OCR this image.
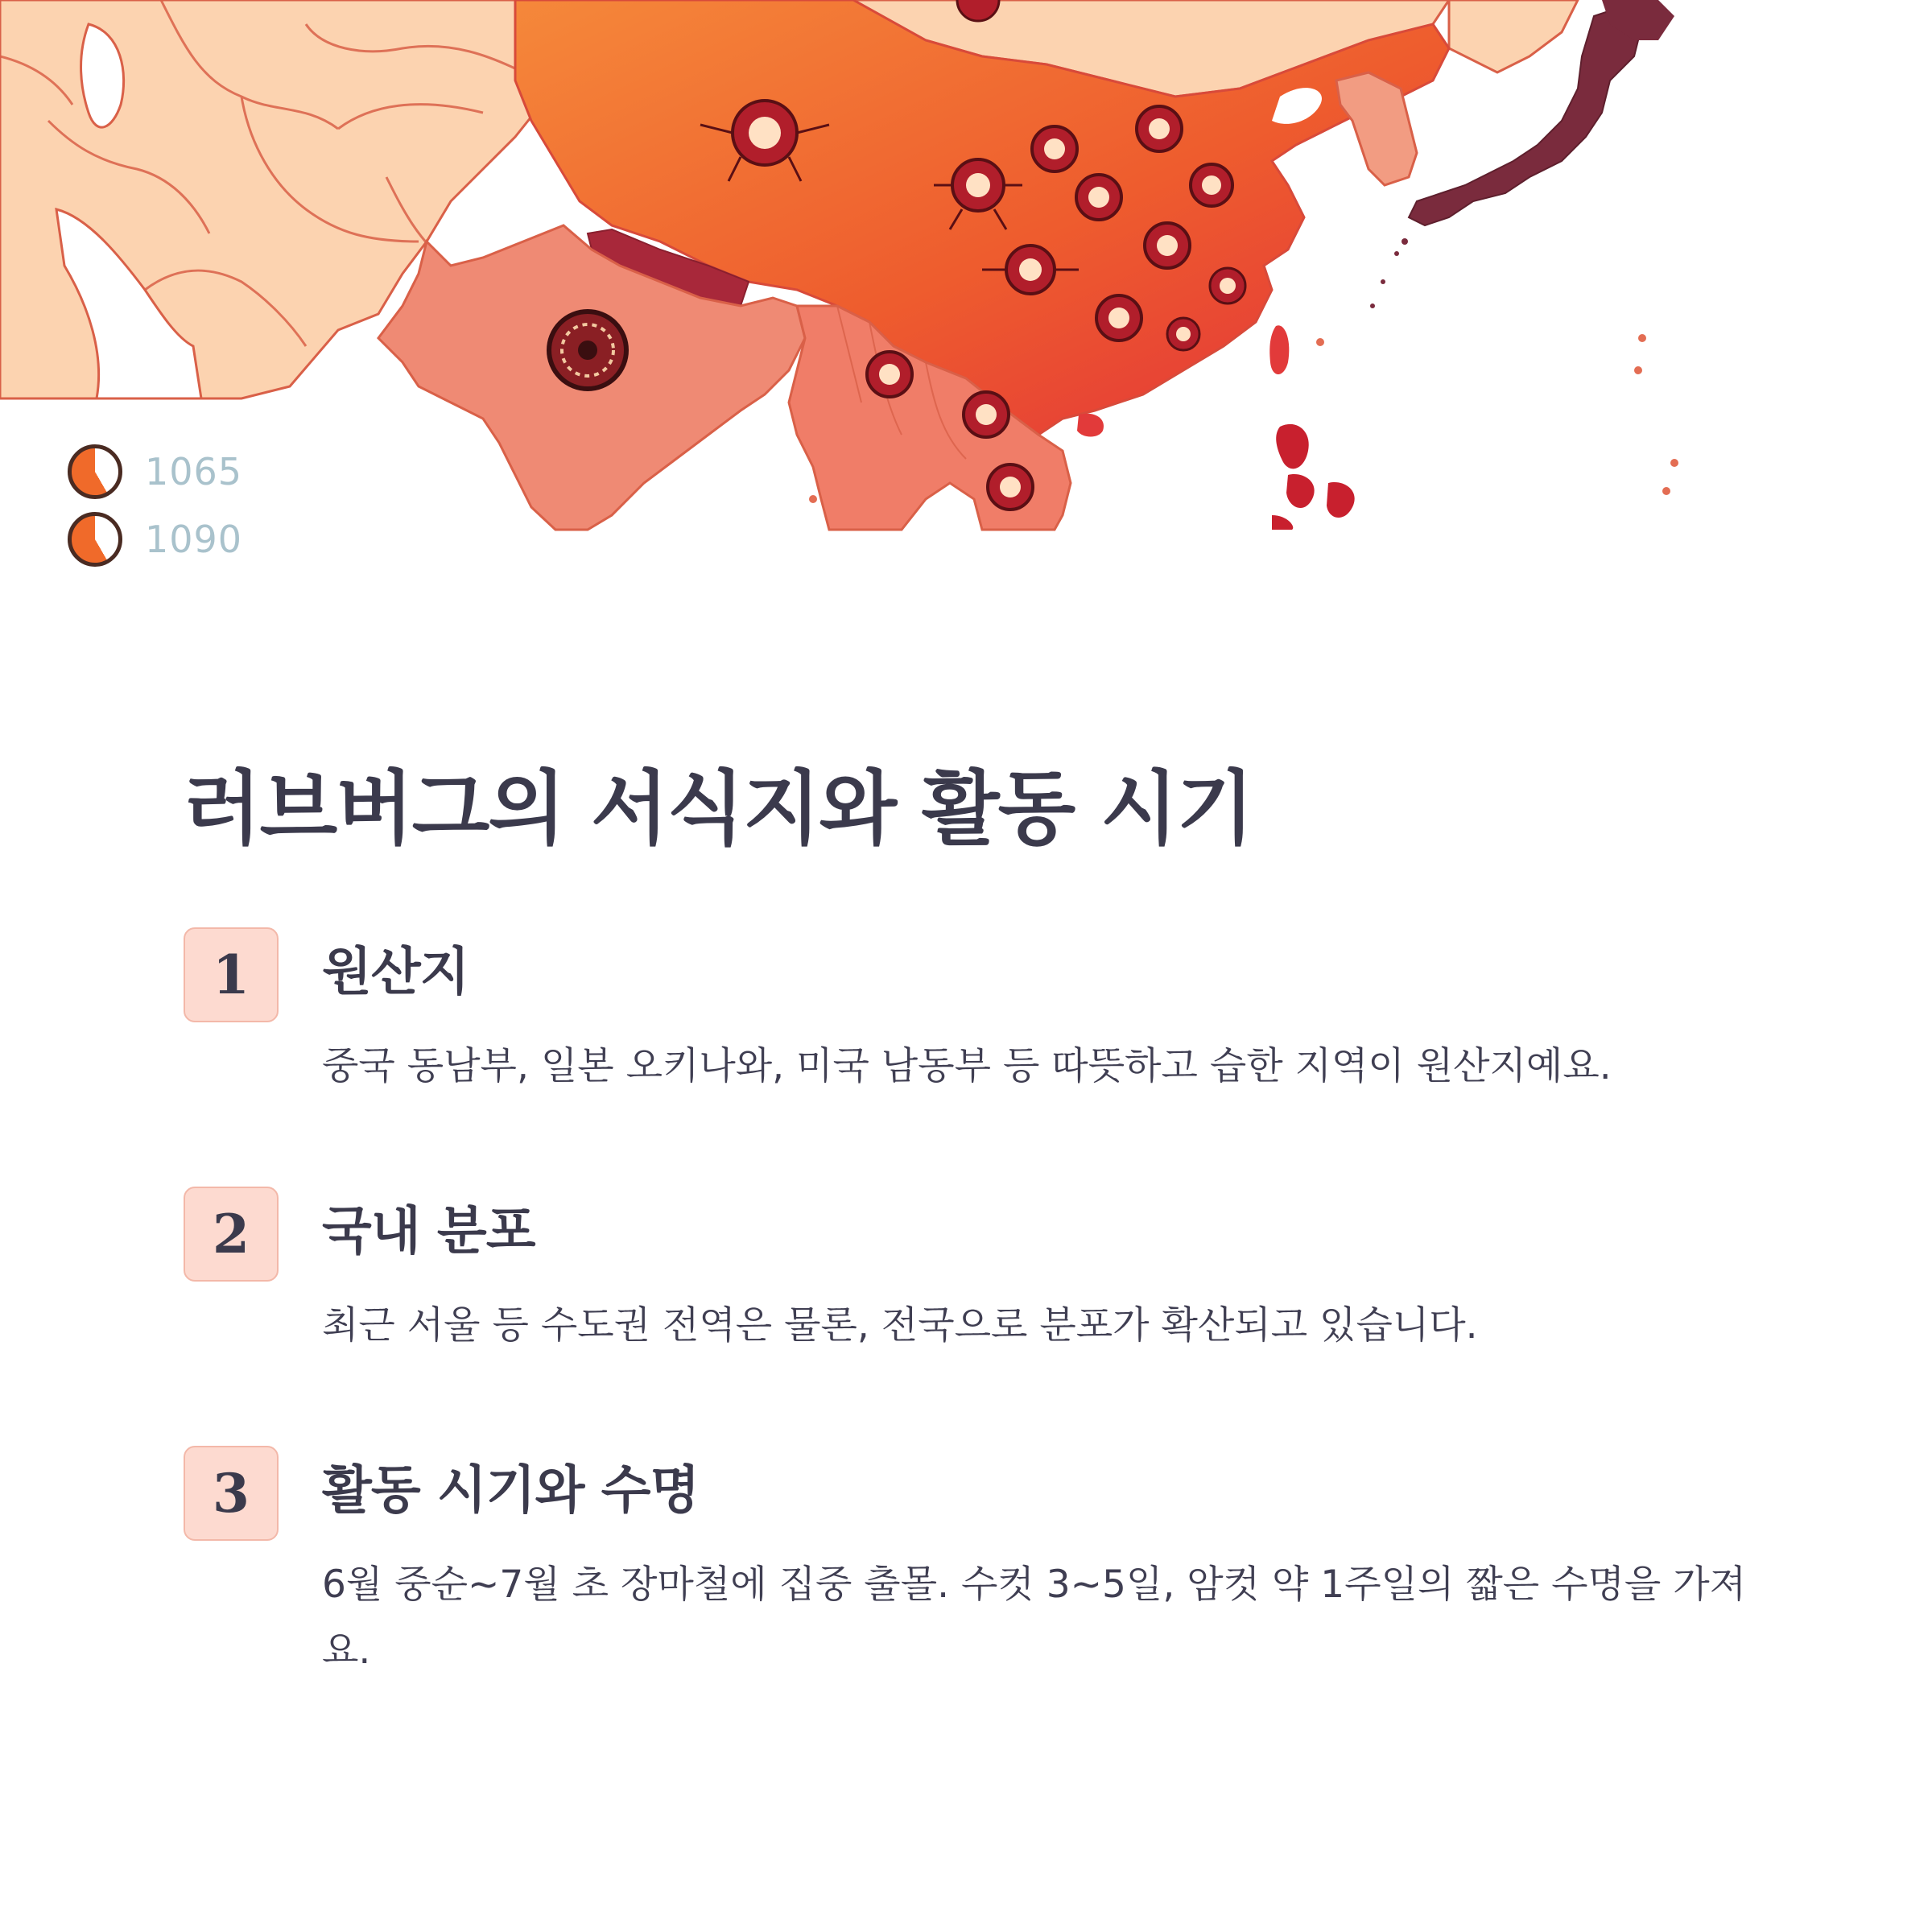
1065
1090
러브버그의 서식지와 활동 시기
1	원산지

중국 동남부, 일본 오키나와, 미국 남동부 등 따뜻하고 습한 지역이 원산지예요.

2	국내 분포

최근 서울 등 수도권 전역은 물론, 전국으로 분포가 확산되고 있습니다.

3	활동 시기와 수명

6월 중순~7월 초 장마철에 집중 출몰. 수컷 3~5일, 암컷 약 1주일의 짧은 수명을 가져요.
